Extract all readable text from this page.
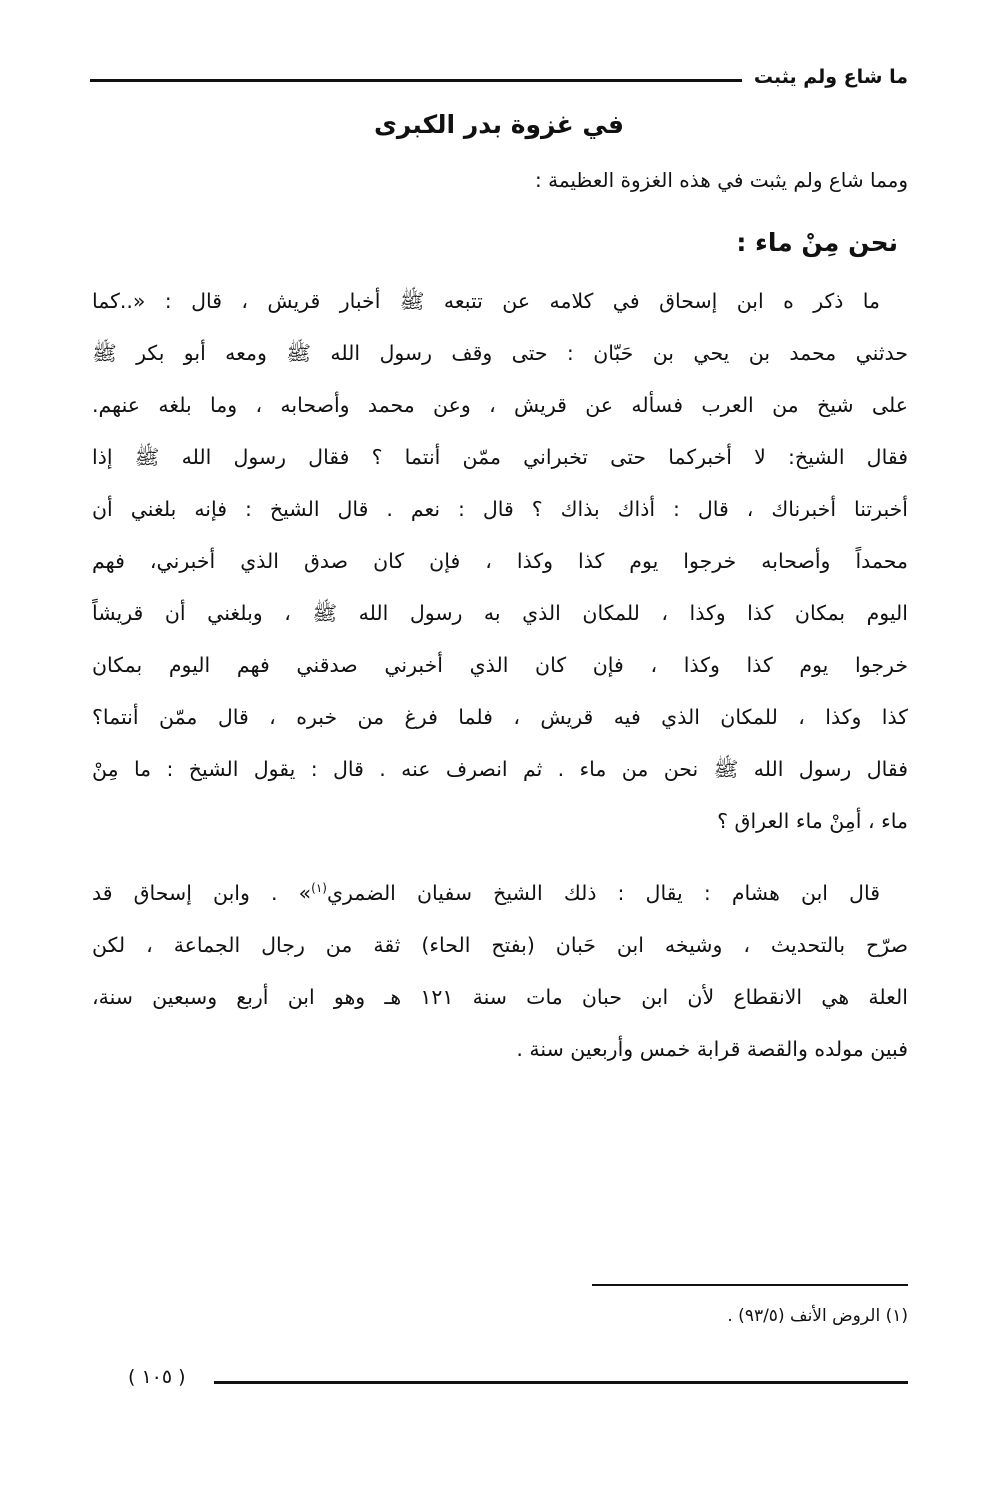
ما شاع ولم يثبت
في غزوة بدر الكبرى
ومما شاع ولم يثبت في هذه الغزوة العظيمة :
نحن مِنْ ماء :
ما ذكر ه ابن إسحاق في كلامه عن تتبعه ﷺ أخبار قريش ، قال : «..كما
حدثني محمد بن يحي بن حَبّان : حتى وقف رسول الله ﷺ ومعه أبو بكر ﷺ
على شيخ من العرب فسأله عن قريش ، وعن محمد وأصحابه ، وما بلغه عنهم.
فقال الشيخ: لا أخبركما حتى تخبراني ممّن أنتما ؟ فقال رسول الله ﷺ إذا
أخبرتنا أخبرناك ، قال : أذاك بذاك ؟ قال : نعم . قال الشيخ : فإنه بلغني أن
محمداً وأصحابه خرجوا يوم كذا وكذا ، فإن كان صدق الذي أخبرني، فهم
اليوم بمكان كذا وكذا ، للمكان الذي به رسول الله ﷺ ، وبلغني أن قريشاً
خرجوا يوم كذا وكذا ، فإن كان الذي أخبرني صدقني فهم اليوم بمكان
كذا وكذا ، للمكان الذي فيه قريش ، فلما فرغ من خبره ، قال ممّن أنتما؟
فقال رسول الله ﷺ نحن من ماء . ثم انصرف عنه . قال : يقول الشيخ : ما مِنْ
ماء ، أمِنْ ماء العراق ؟
قال ابن هشام : يقال : ذلك الشيخ سفيان الضمري$^{(١)}$» . وابن إسحاق قد
صرّح بالتحديث ، وشيخه ابن حَبان (بفتح الحاء) ثقة من رجال الجماعة ، لكن
العلة هي الانقطاع لأن ابن حبان مات سنة ١٢١ هـ وهو ابن أربع وسبعين سنة،
فبين مولده والقصة قرابة خمس وأربعين سنة .
(١) الروض الأنف (٩٣/٥) .
( ١٠٥ )
